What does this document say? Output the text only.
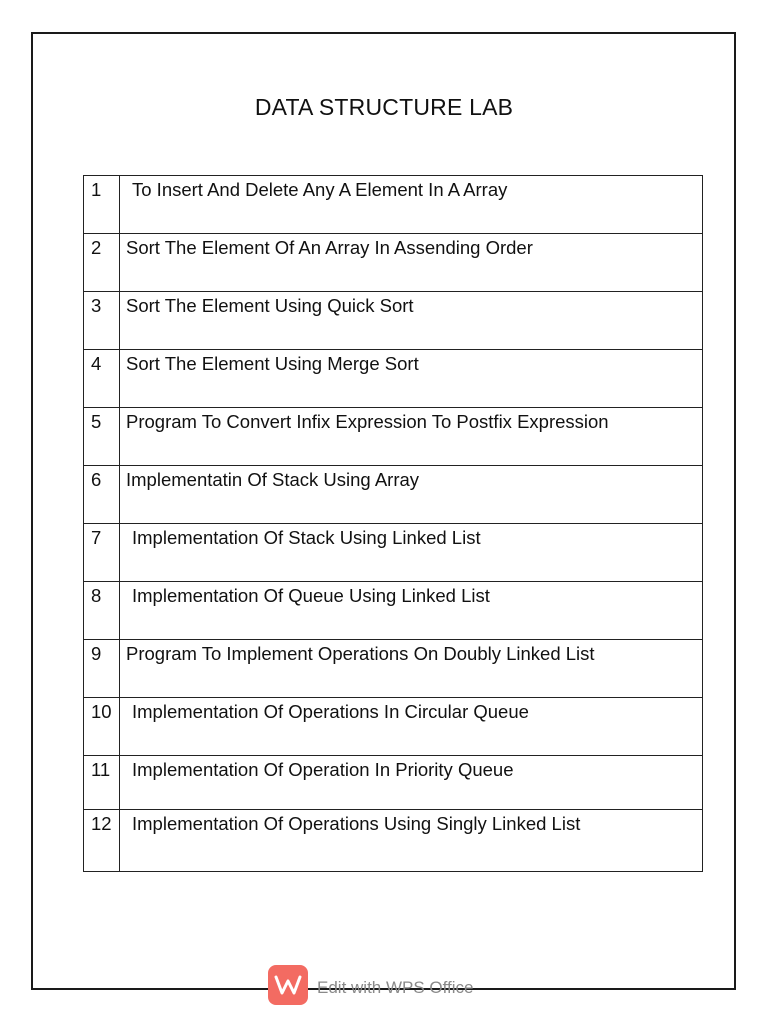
DATA STRUCTURE LAB
1	To Insert And Delete Any A Element In A Array
2	Sort The Element Of An Array In Assending Order
3	Sort The Element Using Quick Sort
4	Sort The Element Using Merge Sort
5	Program To Convert Infix Expression To Postfix Expression
6	Implementatin Of Stack Using Array
7	Implementation Of Stack Using Linked List
8	Implementation Of Queue Using Linked List
9	Program To Implement Operations On Doubly Linked List
10	Implementation Of Operations In Circular Queue
11	Implementation Of Operation In Priority Queue
12	Implementation Of Operations Using Singly Linked List
Edit with WPS Office
